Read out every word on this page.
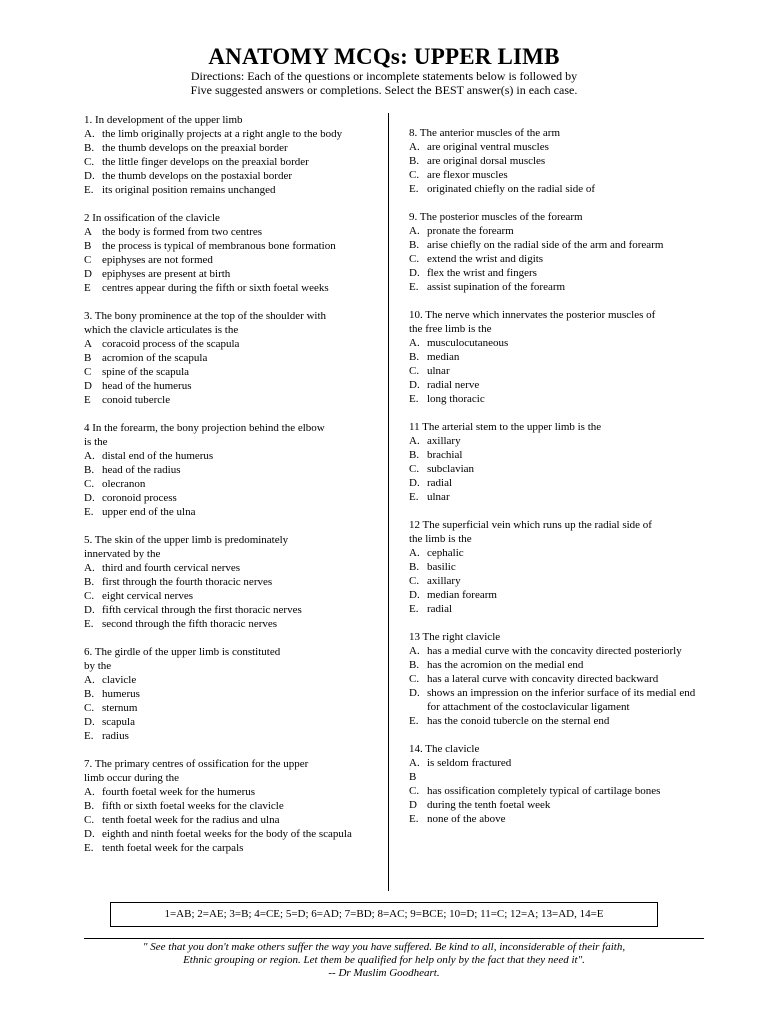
ANATOMY MCQs: UPPER LIMB
Directions: Each of the questions or incomplete statements below is followed by
Five suggested answers or completions. Select the BEST answer(s) in each case.
1. In development of the upper limb
A. the limb originally projects at a right angle to the body
B. the thumb develops on the preaxial border
C. the little finger develops on the preaxial border
D. the thumb develops on the postaxial border
E. its original position remains unchanged
2 In ossification of the clavicle
A the body is formed from two centres
B the process is typical of membranous bone formation
C epiphyses are not formed
D epiphyses are present at birth
E	centres appear during the fifth or sixth foetal weeks
3. The bony prominence at the top of the shoulder with
which the clavicle articulates is the
A coracoid process of the scapula
B acromion of the scapula
C spine of the scapula
D head of the humerus
E	conoid tubercle
4 In the forearm, the bony projection behind the elbow
is the
A. distal end of the humerus
B. head of the radius
C. olecranon
D. coronoid process
E. upper end of the ulna
5. The skin of the upper limb is predominately
innervated by the
A. third and fourth cervical nerves
B. first through the fourth thoracic nerves
C. eight cervical nerves
D. fifth cervical through the first thoracic nerves
E. second through the fifth thoracic nerves
6. The girdle of the upper limb is constituted
by the
A. clavicle
B. humerus
C. sternum
D. scapula
E. radius
7. The primary centres of ossification for the upper
limb occur during the
A. fourth foetal week for the humerus
B. fifth or sixth foetal weeks for the clavicle
C. tenth foetal week for the radius and ulna
D. eighth and ninth foetal weeks for the body of the scapula
E. tenth foetal week for the carpals
8. The anterior muscles of the arm
A. are original ventral muscles
B. are original dorsal muscles
C. are flexor muscles
E. originated chiefly on the radial side of
9. The posterior muscles of the forearm
A. pronate the forearm
B. arise chiefly on the radial side of the arm and forearm
C. extend the wrist and digits
D. flex the wrist and fingers
E. assist supination of the forearm
10. The nerve which innervates the posterior muscles of
the free limb is the
A. musculocutaneous
B. median
C. ulnar
D. radial nerve
E. long thoracic
11 The arterial stem to the upper limb is the
A. axillary
B. brachial
C. subclavian
D. radial
E. ulnar
12 The superficial vein which runs up the radial side of
the limb is the
A. cephalic
B. basilic
C. axillary
D. median forearm
E. radial
13 The right clavicle
A. has a medial curve with the concavity directed posteriorly
B. has the acromion on the medial end
C. has a lateral curve with concavity directed backward
D. shows an impression on the inferior surface of its medial end for attachment of the costoclavicular ligament
E. has the conoid tubercle on the sternal end
14. The clavicle
A. is seldom fractured
B
C. has ossification completely typical of cartilage bones
D during the tenth foetal week
E. none of the above
1=AB; 2=AE; 3=B; 4=CE; 5=D; 6=AD; 7=BD; 8=AC; 9=BCE; 10=D; 11=C; 12=A; 13=AD, 14=E
" See that you don't make others suffer the way you have suffered. Be kind to all, inconsiderable of their faith,
Ethnic grouping or region. Let them be qualified for help only by the fact that they need it".
-- Dr Muslim Goodheart.
